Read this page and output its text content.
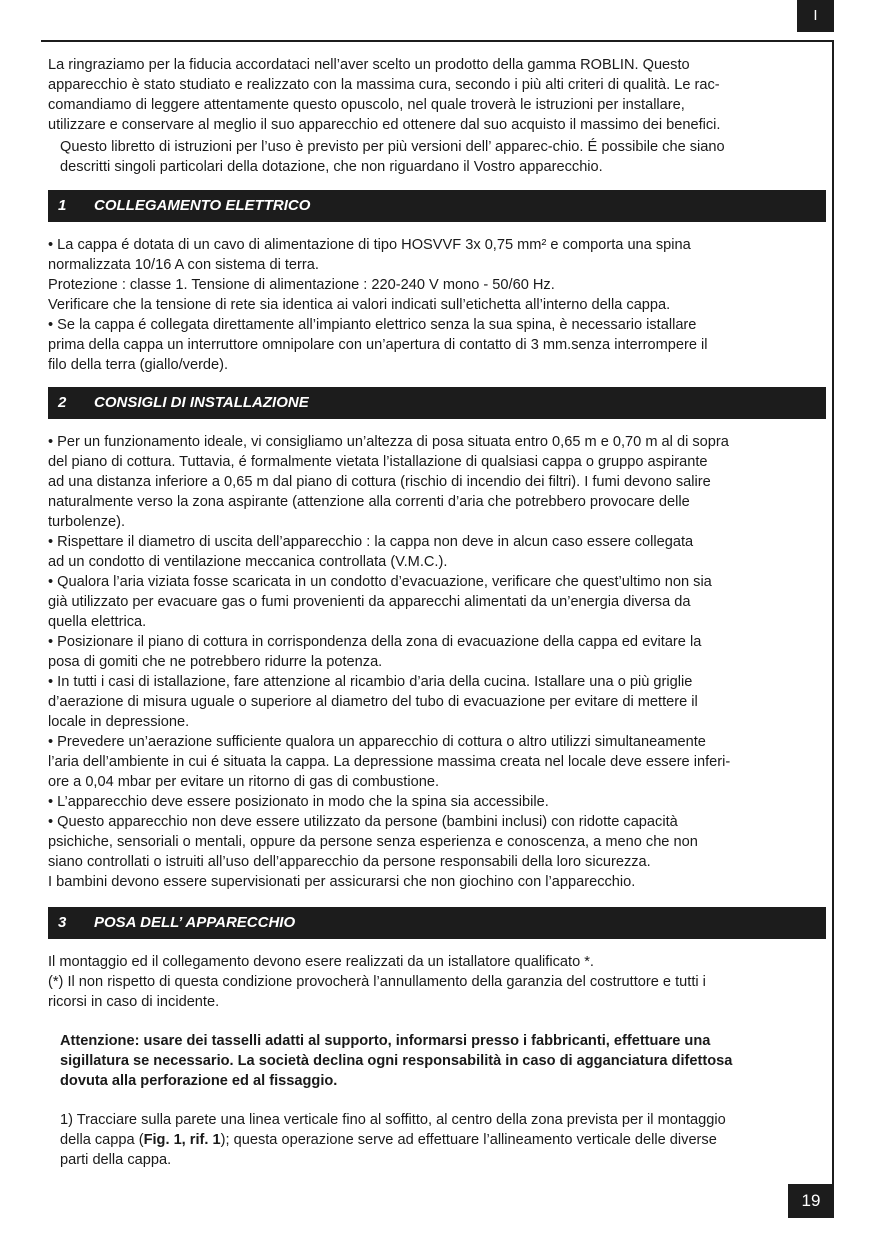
I
La ringraziamo per la fiducia accordataci nell’aver scelto un prodotto della gamma ROBLIN. Questo
apparecchio è stato studiato e realizzato con la massima cura, secondo i più alti criteri di qualità. Le rac-
comandiamo di leggere attentamente questo opuscolo, nel quale troverà le istruzioni per installare,
utilizzare e conservare al meglio il suo apparecchio ed ottenere dal suo acquisto il massimo dei benefici.
Questo libretto di istruzioni per l’uso è previsto per più versioni dell’ apparec-chio. É possibile che siano
descritti singoli particolari della dotazione, che non riguardano il Vostro apparecchio.
1	COLLEGAMENTO ELETTRICO
• La cappa é dotata di un cavo di alimentazione di tipo HOSVVF 3x 0,75 mm² e comporta una spina
normalizzata 10/16 A con sistema di terra.
Protezione : classe 1. Tensione di alimentazione : 220-240 V mono - 50/60 Hz.
Verificare che la tensione di rete sia identica ai valori indicati sull’etichetta all’interno della cappa.
• Se la cappa é collegata direttamente all’impianto elettrico senza la sua spina, è necessario istallare
prima della cappa un interruttore omnipolare con un’apertura di contatto di 3 mm.senza interrompere il
filo della terra (giallo/verde).
2	CONSIGLI DI INSTALLAZIONE
• Per un funzionamento ideale, vi consigliamo un’altezza di posa situata entro 0,65 m e 0,70 m al di sopra
del piano di cottura. Tuttavia, é formalmente vietata l’istallazione di qualsiasi cappa o gruppo aspirante
ad una distanza inferiore a 0,65 m dal piano di cottura (rischio di incendio dei filtri). I fumi devono salire
naturalmente verso la zona aspirante (attenzione alla correnti d’aria che potrebbero provocare delle
turbolenze).
• Rispettare il diametro di uscita dell’apparecchio : la cappa non deve in alcun caso essere collegata
ad un condotto di ventilazione meccanica controllata (V.M.C.).
• Qualora l’aria viziata fosse scaricata in un condotto d’evacuazione, verificare che quest’ultimo non sia
già utilizzato per evacuare gas o fumi provenienti da apparecchi alimentati da un’energia diversa da
quella elettrica.
• Posizionare il piano di cottura in corrispondenza della zona di evacuazione della cappa ed evitare la
posa di gomiti che ne potrebbero ridurre la potenza.
• In tutti i casi di istallazione, fare attenzione al ricambio d’aria della cucina. Istallare una o più griglie
d’aerazione di misura uguale o superiore al diametro del tubo di evacuazione per evitare di mettere il
locale in depressione.
• Prevedere un’aerazione sufficiente qualora un apparecchio di cottura o altro utilizzi simultaneamente
l’aria dell’ambiente in cui é situata la cappa. La depressione massima creata nel locale deve essere inferi-
ore a 0,04 mbar per evitare un ritorno di gas di combustione.
• L’apparecchio deve essere posizionato in modo che la spina sia accessibile.
• Questo apparecchio non deve essere utilizzato da persone (bambini inclusi) con ridotte capacità
psichiche, sensoriali o mentali, oppure da persone senza esperienza e conoscenza, a meno che non
siano controllati o istruiti all’uso dell’apparecchio da persone responsabili della loro sicurezza.
I bambini devono essere supervisionati per assicurarsi che non giochino con l’apparecchio.
3	POSA DELL’ APPARECCHIO
Il montaggio ed il collegamento devono esere realizzati da un istallatore qualificato *.
(*) Il non rispetto di questa condizione provocherà l’annullamento della garanzia del costruttore e tutti i
ricorsi in caso di incidente.
Attenzione: usare dei tasselli adatti al supporto, informarsi presso i fabbricanti, effettuare una
sigillatura se necessario. La società declina ogni responsabilità in caso di agganciatura difettosa
dovuta alla perforazione ed al fissaggio.
1) Tracciare sulla parete una linea verticale fino al soffitto, al centro della zona prevista per il montaggio
della cappa (Fig. 1, rif. 1); questa operazione serve ad effettuare l’allineamento verticale delle diverse
parti della cappa.
19
